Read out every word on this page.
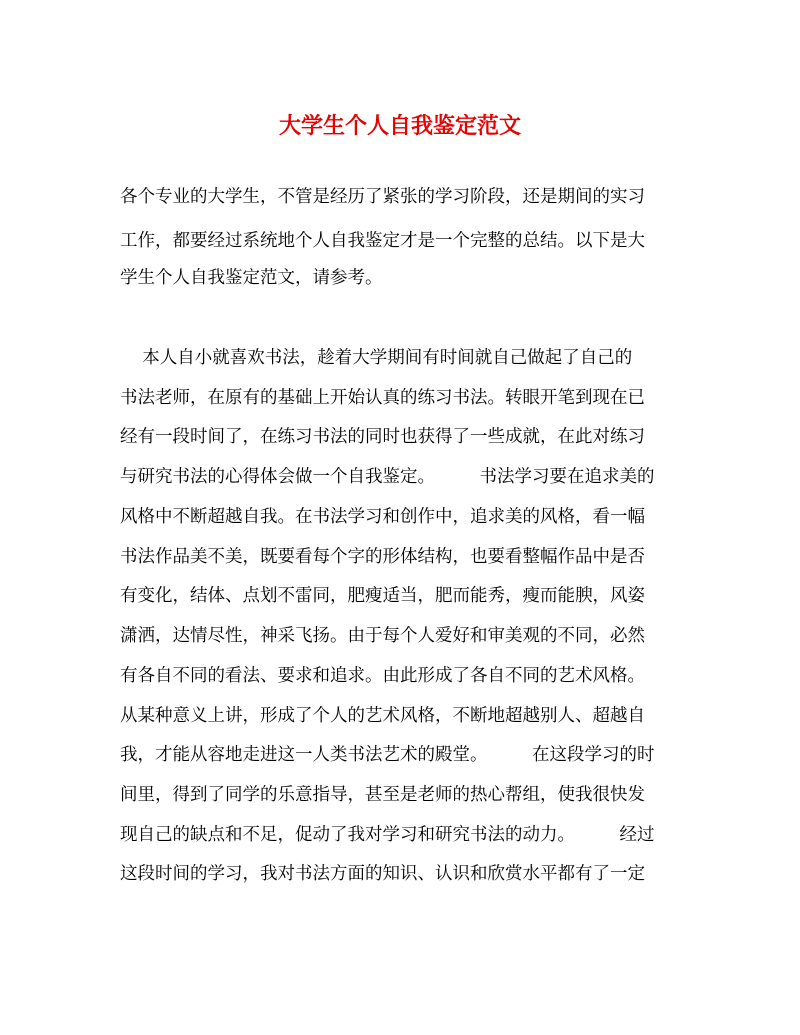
大学生个人自我鉴定范文

各个专业的大学生，不管是经历了紧张的学习阶段，还是期间的实习

工作，都要经过系统地个人自我鉴定才是一个完整的总结。以下是大

学生个人自我鉴定范文，请参考。

本人自小就喜欢书法，趁着大学期间有时间就自己做起了自己的

书法老师，在原有的基础上开始认真的练习书法。转眼开笔到现在已

经有一段时间了，在练习书法的同时也获得了一些成就，在此对练习

与研究书法的心得体会做一个自我鉴定。        书法学习要在追求美的

风格中不断超越自我。在书法学习和创作中，追求美的风格，看一幅

书法作品美不美，既要看每个字的形体结构，也要看整幅作品中是否

有变化，结体、点划不雷同，肥瘦适当，肥而能秀，瘦而能腴，风姿

潇洒，达情尽性，神采飞扬。由于每个人爱好和审美观的不同，必然

有各自不同的看法、要求和追求。由此形成了各自不同的艺术风格。

从某种意义上讲，形成了个人的艺术风格，不断地超越别人、超越自

我，才能从容地走进这一人类书法艺术的殿堂。        在这段学习的时

间里，得到了同学的乐意指导，甚至是老师的热心帮组，使我很快发

现自己的缺点和不足，促动了我对学习和研究书法的动力。        经过

这段时间的学习，我对书法方面的知识、认识和欣赏水平都有了一定
